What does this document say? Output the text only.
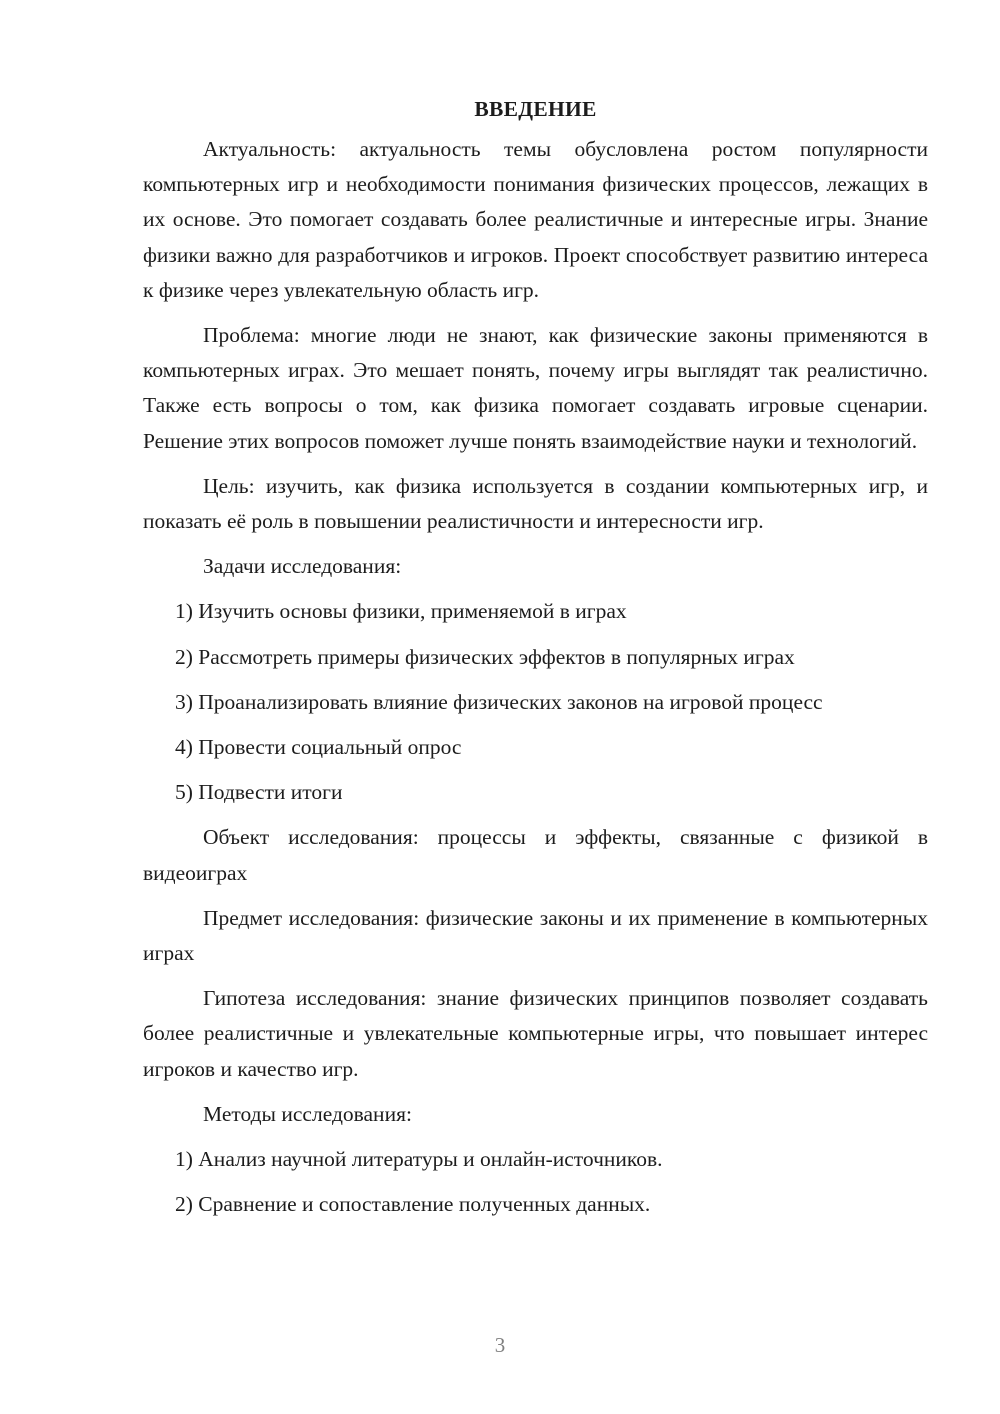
ВВЕДЕНИЕ

Актуальность: актуальность темы обусловлена ростом популярности компьютерных игр и необходимости понимания физических процессов, лежащих в их основе. Это помогает создавать более реалистичные и интересные игры. Знание физики важно для разработчиков и игроков. Проект способствует развитию интереса к физике через увлекательную область игр.

Проблема: многие люди не знают, как физические законы применяются в компьютерных играх. Это мешает понять, почему игры выглядят так реалистично. Также есть вопросы о том, как физика помогает создавать игровые сценарии. Решение этих вопросов поможет лучше понять взаимодействие науки и технологий.

Цель: изучить, как физика используется в создании компьютерных игр, и показать её роль в повышении реалистичности и интересности игр.

Задачи исследования:

1) Изучить основы физики, применяемой в играх

2) Рассмотреть примеры физических эффектов в популярных играх

3) Проанализировать влияние физических законов на игровой процесс

4) Провести социальный опрос

5) Подвести итоги

Объект исследования: процессы и эффекты, связанные с физикой в видеоиграх

Предмет исследования: физические законы и их применение в компьютерных играх

Гипотеза исследования: знание физических принципов позволяет создавать более реалистичные и увлекательные компьютерные игры, что повышает интерес игроков и качество игр.

Методы исследования:

1) Анализ научной литературы и онлайн-источников.

2) Сравнение и сопоставление полученных данных.

3
